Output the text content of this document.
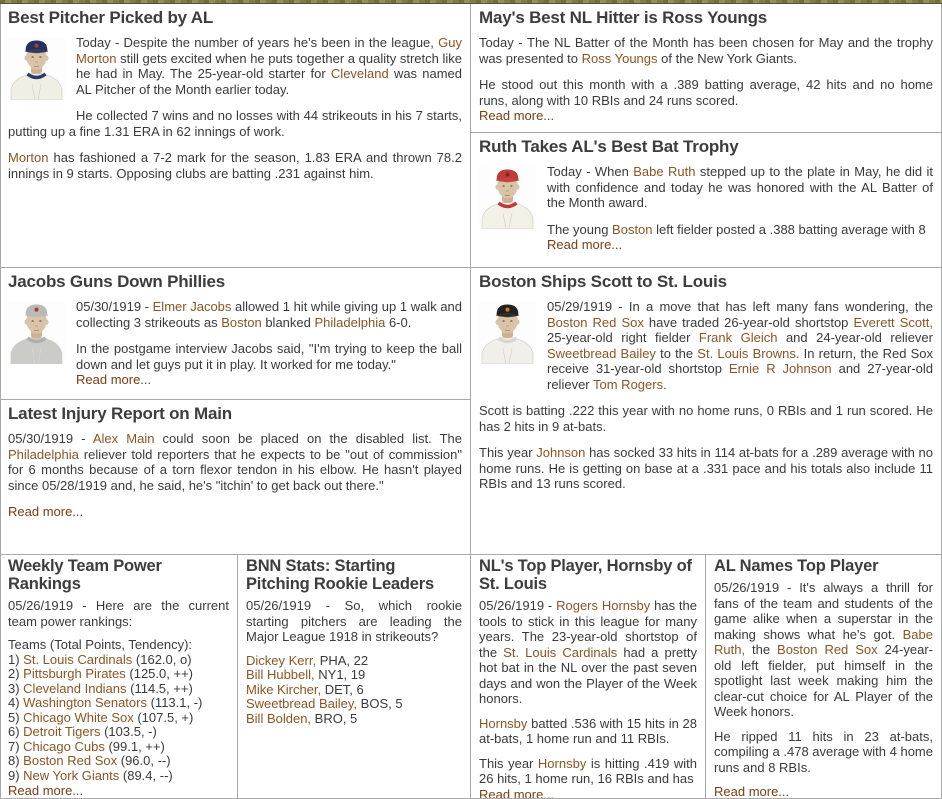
Best Pitcher Picked by AL

Today - Despite the number of years he's been in the league, Guy Morton still gets excited when he puts together a quality stretch like he had in May. The 25-year-old starter for Cleveland was named AL Pitcher of the Month earlier today.

He collected 7 wins and no losses with 44 strikeouts in his 7 starts, putting up a fine 1.31 ERA in 62 innings of work.

Morton has fashioned a 7-2 mark for the season, 1.83 ERA and thrown 78.2 innings in 9 starts. Opposing clubs are batting .231 against him.

May's Best NL Hitter is Ross Youngs

Today - The NL Batter of the Month has been chosen for May and the trophy was presented to Ross Youngs of the New York Giants.

He stood out this month with a .389 batting average, 42 hits and no home runs, along with 10 RBIs and 24 runs scored.

Read more...

Ruth Takes AL's Best Bat Trophy

Today - When Babe Ruth stepped up to the plate in May, he did it with confidence and today he was honored with the AL Batter of the Month award.

The young Boston left fielder posted a .388 batting average with 8

Read more...

Jacobs Guns Down Phillies

05/30/1919 - Elmer Jacobs allowed 1 hit while giving up 1 walk and collecting 3 strikeouts as Boston blanked Philadelphia 6-0.

In the postgame interview Jacobs said, "I'm trying to keep the ball down and let guys put it in play. It worked for me today."

Read more...

Latest Injury Report on Main

05/30/1919 - Alex Main could soon be placed on the disabled list. The Philadelphia reliever told reporters that he expects to be "out of commission" for 6 months because of a torn flexor tendon in his elbow. He hasn't played since 05/28/1919 and, he said, he's "itchin' to get back out there."

Read more...

Boston Ships Scott to St. Louis

05/29/1919 - In a move that has left many fans wondering, the Boston Red Sox have traded 26-year-old shortstop Everett Scott, 25-year-old right fielder Frank Gleich and 24-year-old reliever Sweetbread Bailey to the St. Louis Browns. In return, the Red Sox receive 31-year-old shortstop Ernie R Johnson and 27-year-old reliever Tom Rogers.

Scott is batting .222 this year with no home runs, 0 RBIs and 1 run scored. He has 2 hits in 9 at-bats.

This year Johnson has socked 33 hits in 114 at-bats for a .289 average with no home runs. He is getting on base at a .331 pace and his totals also include 11 RBIs and 13 runs scored.

Weekly Team Power Rankings

05/26/1919 - Here are the current team power rankings:

Teams (Total Points, Tendency):

1) St. Louis Cardinals (162.0, o)

2) Pittsburgh Pirates (125.0, ++)

3) Cleveland Indians (114.5, ++)

4) Washington Senators (113.1, -)

5) Chicago White Sox (107.5, +)

6) Detroit Tigers (103.5, -)

7) Chicago Cubs (99.1, ++)

8) Boston Red Sox (96.0, --)

9) New York Giants (89.4, --)

Read more...

BNN Stats: Starting Pitching Rookie Leaders

05/26/1919 - So, which rookie starting pitchers are leading the Major League 1918 in strikeouts?

Dickey Kerr, PHA, 22

Bill Hubbell, NY1, 19

Mike Kircher, DET, 6

Sweetbread Bailey, BOS, 5

Bill Bolden, BRO, 5

NL's Top Player, Hornsby of St. Louis

05/26/1919 - Rogers Hornsby has the tools to stick in this league for many years. The 23-year-old shortstop of the St. Louis Cardinals had a pretty hot bat in the NL over the past seven days and won the Player of the Week honors.

Hornsby batted .536 with 15 hits in 28 at-bats, 1 home run and 11 RBIs.

This year Hornsby is hitting .419 with 26 hits, 1 home run, 16 RBIs and has

Read more...

AL Names Top Player

05/26/1919 - It's always a thrill for fans of the team and students of the game alike when a superstar in the making shows what he's got. Babe Ruth, the Boston Red Sox 24-year-old left fielder, put himself in the spotlight last week making him the clear-cut choice for AL Player of the Week honors.

He ripped 11 hits in 23 at-bats, compiling a .478 average with 4 home runs and 8 RBIs.

Read more...
